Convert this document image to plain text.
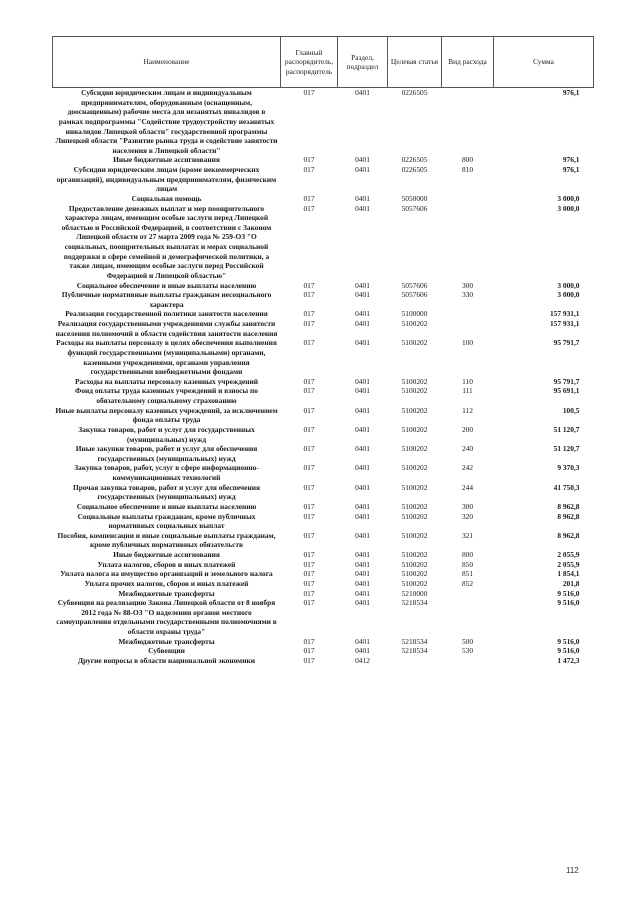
Наименование	Главный распорядитель, распорядитель	Раздел, подраздел	Целевая статья	Вид расхода	Сумма
Субсидии юридическим лицам и индивидуальным предпринимателям, оборудованным (оснащенным, дооснащенным) рабочие места для незанятых инвалидов в рамках подпрограммы "Содействие трудоустройству незанятых инвалидов Липецкой области" государственной программы Липецкой области "Развитие рынка труда и содействие занятости населения в Липецкой области"	017	0401	0226505		976,1
Иные бюджетные ассигнования	017	0401	0226505	800	976,1
Субсидии юридическим лицам (кроме некоммерческих организаций), индивидуальным предпринимателям, физическим лицам	017	0401	0226505	810	976,1
Социальная помощь	017	0401	5050000		3 000,0
Предоставление денежных выплат и мер поощрительного характера лицам, имеющим особые заслуги перед Липецкой областью и Российской Федерацией, в соответствии с Законом Липецкой области от 27 марта 2009 года № 259-ОЗ "О социальных, поощрительных выплатах и мерах социальной поддержки в сфере семейной и демографической политики, а также лицам, имеющим особые заслуги перед Российской Федерацией и Липецкой областью"	017	0401	5057606		3 000,0
Социальное обеспечение и иные выплаты населению	017	0401	5057606	300	3 000,0
Публичные нормативные выплаты гражданам несоциального характера	017	0401	5057606	330	3 000,0
Реализация государственной политики занятости населения	017	0401	5100000		157 931,1
Реализация государственными учреждениями службы занятости населения полномочий в области содействия занятости населения	017	0401	5100202		157 931,1
Расходы на выплаты персоналу в целях обеспечения выполнения функций государственными (муниципальными) органами, казенными учреждениями, органами управления государственными внебюджетными фондами	017	0401	5100202	100	95 791,7
Расходы на выплаты персоналу казенных учреждений	017	0401	5100202	110	95 791,7
Фонд оплаты труда казенных учреждений и взносы по обязательному социальному страхованию	017	0401	5100202	111	95 691,1
Иные выплаты персоналу казенных учреждений, за исключением фонда оплаты труда	017	0401	5100202	112	100,5
Закупка товаров, работ и услуг для государственных (муниципальных) нужд	017	0401	5100202	200	51 120,7
Иные закупки товаров, работ и услуг для обеспечения государственных (муниципальных) нужд	017	0401	5100202	240	51 120,7
Закупка товаров, работ, услуг в сфере информационно-коммуникационных технологий	017	0401	5100202	242	9 370,3
Прочая закупка товаров, работ и услуг для обеспечения государственных (муниципальных) нужд	017	0401	5100202	244	41 750,3
Социальное обеспечение и иные выплаты населению	017	0401	5100202	300	8 962,8
Социальные выплаты гражданам, кроме публичных нормативных социальных выплат	017	0401	5100202	320	8 962,8
Пособия, компенсации и иные социальные выплаты гражданам, кроме публичных нормативных обязательств	017	0401	5100202	321	8 962,8
Иные бюджетные ассигнования	017	0401	5100202	800	2 055,9
Уплата налогов, сборов и иных платежей	017	0401	5100202	850	2 055,9
Уплата налога на имущество организаций и земельного налога	017	0401	5100202	851	1 854,1
Уплата прочих налогов, сборов и иных платежей	017	0401	5100202	852	201,8
Межбюджетные трансферты	017	0401	5210000		9 516,0
Субвенция на реализацию Закона Липецкой области от 8 ноября 2012 года № 88-ОЗ "О наделении органов местного самоуправления отдельными государственными полномочиями в области охраны труда"	017	0401	5218534		9 516,0
Межбюджетные трансферты	017	0401	5218534	500	9 516,0
Субвенции	017	0401	5218534	530	9 516,0
Другие вопросы в области национальной экономики	017	0412			1 472,3
112
